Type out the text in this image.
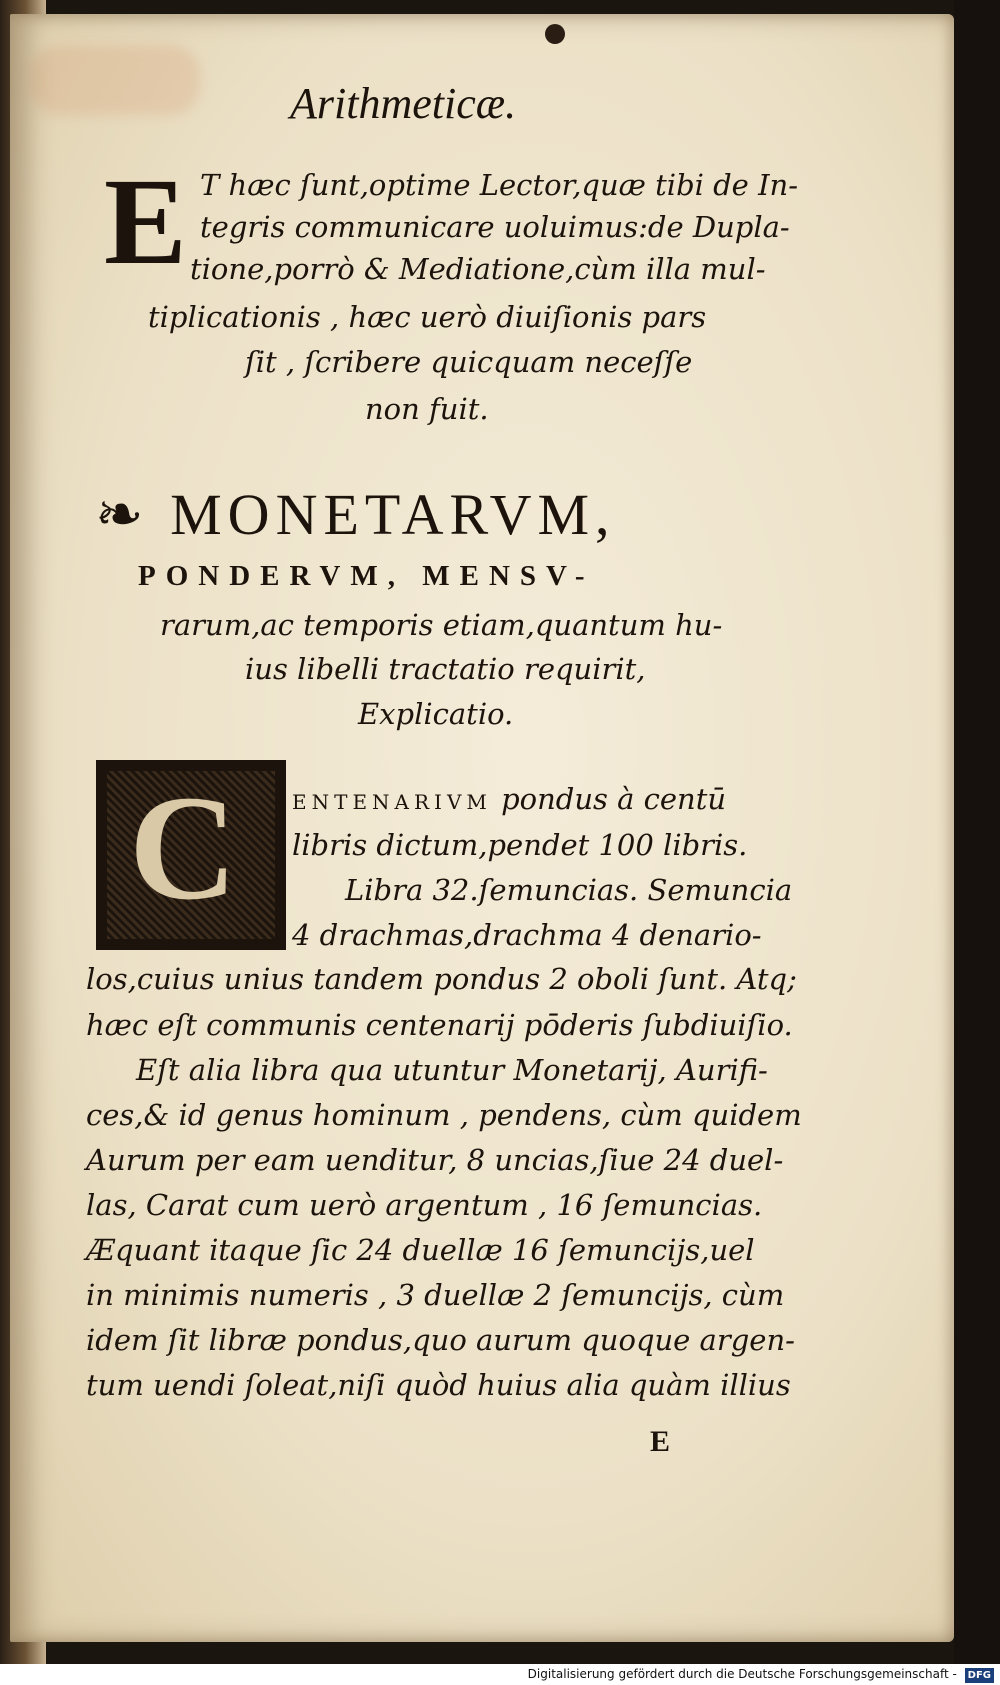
Arithmeticæ.
E T hæc ſunt,optime Lector,quæ tibi de In-
tegris communicare uoluimus:de Dupla-
tione,porrò & Mediatione,cùm illa mul-
tiplicationis , hæc uerò diuiſionis pars
ſit , ſcribere quicquam neceſſe
non fuit.
❧ MONETARVM,
PONDERVM, MENSV-
rarum,ac temporis etiam,quantum hu-
ius libelli tractatio requirit,
Explicatio.
C	ENTENARIVM pondus à centū
libris dictum,pendet 100 libris.
Libra 32.ſemuncias. Semuncia
4 drachmas,drachma 4 denario-
los,cuius unius tandem pondus 2 oboli ſunt. Atq;
hæc eſt communis centenarij pōderis ſubdiuiſio.
Eſt alia libra qua utuntur Monetarij, Aurifi-
ces,& id genus hominum , pendens, cùm quidem
Aurum per eam uenditur, 8 uncias,ſiue 24 duel-
las, Carat cum uerò argentum , 16 ſemuncias.
Æquant itaque ſic 24 duellæ 16 ſemuncijs,uel
in minimis numeris , 3 duellæ 2 ſemuncijs, cùm
idem ſit libræ pondus,quo aurum quoque argen-
tum uendi ſoleat,niſi quòd huius alia quàm illius
E
Digitalisierung gefördert durch die Deutsche Forschungsgemeinschaft - DFG
